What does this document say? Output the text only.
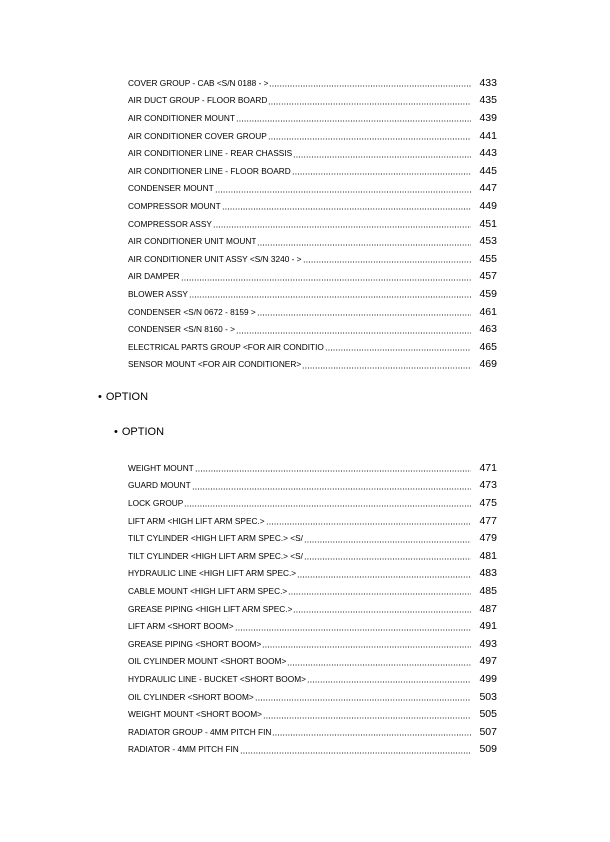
COVER GROUP - CAB <S/N 0188 - >	433
AIR DUCT GROUP - FLOOR BOARD	435
AIR CONDITIONER MOUNT	439
AIR CONDITIONER COVER GROUP	441
AIR CONDITIONER LINE - REAR CHASSIS	443
AIR CONDITIONER LINE - FLOOR BOARD	445
CONDENSER MOUNT	447
COMPRESSOR MOUNT	449
COMPRESSOR ASSY	451
AIR CONDITIONER UNIT MOUNT	453
AIR CONDITIONER UNIT ASSY <S/N 3240 - >	455
AIR DAMPER	457
BLOWER ASSY	459
CONDENSER <S/N 0672 - 8159 >	461
CONDENSER <S/N 8160 - >	463
ELECTRICAL PARTS GROUP <FOR AIR CONDITIO	465
SENSOR MOUNT <FOR AIR CONDITIONER>	469
• OPTION
• OPTION
WEIGHT MOUNT	471
GUARD MOUNT	473
LOCK GROUP	475
LIFT ARM <HIGH LIFT ARM SPEC.>	477
TILT CYLINDER <HIGH LIFT ARM SPEC.> <S/	479
TILT CYLINDER <HIGH LIFT ARM SPEC.> <S/	481
HYDRAULIC LINE <HIGH LIFT ARM SPEC.>	483
CABLE MOUNT <HIGH LIFT ARM SPEC.>	485
GREASE PIPING <HIGH LIFT ARM SPEC.>	487
LIFT ARM <SHORT BOOM>	491
GREASE PIPING <SHORT BOOM>	493
OIL CYLINDER MOUNT <SHORT BOOM>	497
HYDRAULIC LINE - BUCKET <SHORT BOOM>	499
OIL CYLINDER <SHORT BOOM>	503
WEIGHT MOUNT <SHORT BOOM>	505
RADIATOR GROUP - 4MM PITCH FIN	507
RADIATOR - 4MM PITCH FIN	509
